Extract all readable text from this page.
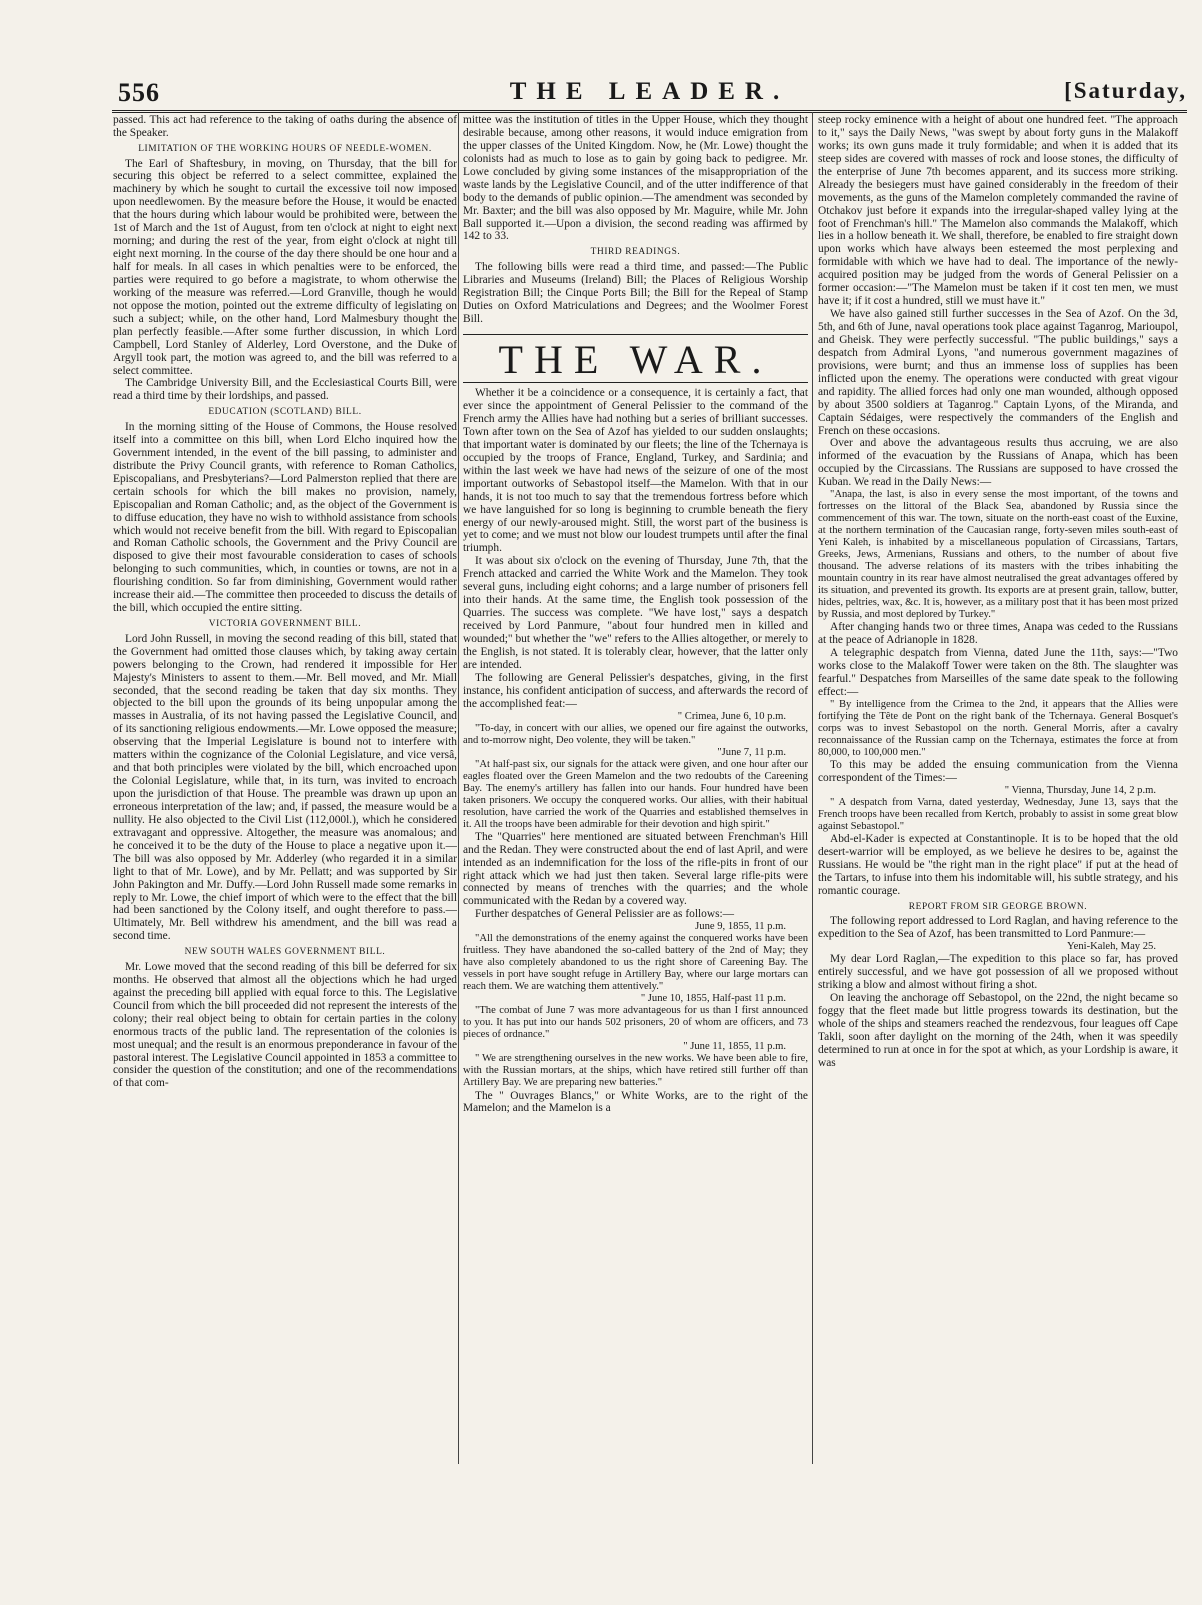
556	THE LEADER.	[Saturday,

passed. This act had reference to the taking of oaths during the absence of the Speaker.

LIMITATION OF THE WORKING HOURS OF NEEDLE-WOMEN.

The Earl of Shaftesbury, in moving, on Thursday, that the bill for securing this object be referred to a select committee, explained the machinery by which he sought to curtail the excessive toil now imposed upon needlewomen. By the measure before the House, it would be enacted that the hours during which labour would be prohibited were, between the 1st of March and the 1st of August, from ten o'clock at night to eight next morning; and during the rest of the year, from eight o'clock at night till eight next morning. In the course of the day there should be one hour and a half for meals. In all cases in which penalties were to be enforced, the parties were required to go before a magistrate, to whom otherwise the working of the measure was referred.—Lord Granville, though he would not oppose the motion, pointed out the extreme difficulty of legislating on such a subject; while, on the other hand, Lord Malmesbury thought the plan perfectly feasible.—After some further discussion, in which Lord Campbell, Lord Stanley of Alderley, Lord Overstone, and the Duke of Argyll took part, the motion was agreed to, and the bill was referred to a select committee.

The Cambridge University Bill, and the Ecclesiastical Courts Bill, were read a third time by their lordships, and passed.

EDUCATION (SCOTLAND) BILL.

In the morning sitting of the House of Commons, the House resolved itself into a committee on this bill, when Lord Elcho inquired how the Government intended, in the event of the bill passing, to administer and distribute the Privy Council grants, with reference to Roman Catholics, Episcopalians, and Presbyterians?—Lord Palmerston replied that there are certain schools for which the bill makes no provision, namely, Episcopalian and Roman Catholic; and, as the object of the Government is to diffuse education, they have no wish to withhold assistance from schools which would not receive benefit from the bill. With regard to Episcopalian and Roman Catholic schools, the Government and the Privy Council are disposed to give their most favourable consideration to cases of schools belonging to such communities, which, in counties or towns, are not in a flourishing condition. So far from diminishing, Government would rather increase their aid.—The committee then proceeded to discuss the details of the bill, which occupied the entire sitting.

VICTORIA GOVERNMENT BILL.

Lord John Russell, in moving the second reading of this bill, stated that the Government had omitted those clauses which, by taking away certain powers belonging to the Crown, had rendered it impossible for Her Majesty's Ministers to assent to them.—Mr. Bell moved, and Mr. Miall seconded, that the second reading be taken that day six months. They objected to the bill upon the grounds of its being unpopular among the masses in Australia, of its not having passed the Legislative Council, and of its sanctioning religious endowments.—Mr. Lowe opposed the measure; observing that the Imperial Legislature is bound not to interfere with matters within the cognizance of the Colonial Legislature, and vice versâ, and that both principles were violated by the bill, which encroached upon the Colonial Legislature, while that, in its turn, was invited to encroach upon the jurisdiction of that House. The preamble was drawn up upon an erroneous interpretation of the law; and, if passed, the measure would be a nullity. He also objected to the Civil List (112,000l.), which he considered extravagant and oppressive. Altogether, the measure was anomalous; and he conceived it to be the duty of the House to place a negative upon it.—The bill was also opposed by Mr. Adderley (who regarded it in a similar light to that of Mr. Lowe), and by Mr. Pellatt; and was supported by Sir John Pakington and Mr. Duffy.—Lord John Russell made some remarks in reply to Mr. Lowe, the chief import of which were to the effect that the bill had been sanctioned by the Colony itself, and ought therefore to pass.—Ultimately, Mr. Bell withdrew his amendment, and the bill was read a second time.

NEW SOUTH WALES GOVERNMENT BILL.

Mr. Lowe moved that the second reading of this bill be deferred for six months. He observed that almost all the objections which he had urged against the preceding bill applied with equal force to this. The Legislative Council from which the bill proceeded did not represent the interests of the colony; their real object being to obtain for certain parties in the colony enormous tracts of the public land. The representation of the colonies is most unequal; and the result is an enormous preponderance in favour of the pastoral interest. The Legislative Council appointed in 1853 a committee to consider the question of the constitution; and one of the recommendations of that com-

mittee was the institution of titles in the Upper House, which they thought desirable because, among other reasons, it would induce emigration from the upper classes of the United Kingdom. Now, he (Mr. Lowe) thought the colonists had as much to lose as to gain by going back to pedigree. Mr. Lowe concluded by giving some instances of the misappropriation of the waste lands by the Legislative Council, and of the utter indifference of that body to the demands of public opinion.—The amendment was seconded by Mr. Baxter; and the bill was also opposed by Mr. Maguire, while Mr. John Ball supported it.—Upon a division, the second reading was affirmed by 142 to 33.

THIRD READINGS.

The following bills were read a third time, and passed:—The Public Libraries and Museums (Ireland) Bill; the Places of Religious Worship Registration Bill; the Cinque Ports Bill; the Bill for the Repeal of Stamp Duties on Oxford Matriculations and Degrees; and the Woolmer Forest Bill.

THE WAR.

Whether it be a coincidence or a consequence, it is certainly a fact, that ever since the appointment of General Pelissier to the command of the French army the Allies have had nothing but a series of brilliant successes. Town after town on the Sea of Azof has yielded to our sudden onslaughts; that important water is dominated by our fleets; the line of the Tchernaya is occupied by the troops of France, England, Turkey, and Sardinia; and within the last week we have had news of the seizure of one of the most important outworks of Sebastopol itself—the Mamelon. With that in our hands, it is not too much to say that the tremendous fortress before which we have languished for so long is beginning to crumble beneath the fiery energy of our newly-aroused might. Still, the worst part of the business is yet to come; and we must not blow our loudest trumpets until after the final triumph.

It was about six o'clock on the evening of Thursday, June 7th, that the French attacked and carried the White Work and the Mamelon. They took several guns, including eight cohorns; and a large number of prisoners fell into their hands. At the same time, the English took possession of the Quarries. The success was complete. "We have lost," says a despatch received by Lord Panmure, "about four hundred men in killed and wounded;" but whether the "we" refers to the Allies altogether, or merely to the English, is not stated. It is tolerably clear, however, that the latter only are intended.

The following are General Pelissier's despatches, giving, in the first instance, his confident anticipation of success, and afterwards the record of the accomplished feat:—

" Crimea, June 6, 10 p.m.

"To-day, in concert with our allies, we opened our fire against the outworks, and to-morrow night, Deo volente, they will be taken."

"June 7, 11 p.m.

"At half-past six, our signals for the attack were given, and one hour after our eagles floated over the Green Mamelon and the two redoubts of the Careening Bay. The enemy's artillery has fallen into our hands. Four hundred have been taken prisoners. We occupy the conquered works. Our allies, with their habitual resolution, have carried the work of the Quarries and established themselves in it. All the troops have been admirable for their devotion and high spirit."

The "Quarries" here mentioned are situated between Frenchman's Hill and the Redan. They were constructed about the end of last April, and were intended as an indemnification for the loss of the rifle-pits in front of our right attack which we had just then taken. Several large rifle-pits were connected by means of trenches with the quarries; and the whole communicated with the Redan by a covered way.

Further despatches of General Pelissier are as follows:—

June 9, 1855, 11 p.m.

"All the demonstrations of the enemy against the conquered works have been fruitless. They have abandoned the so-called battery of the 2nd of May; they have also completely abandoned to us the right shore of Careening Bay. The vessels in port have sought refuge in Artillery Bay, where our large mortars can reach them. We are watching them attentively."

" June 10, 1855, Half-past 11 p.m.

"The combat of June 7 was more advantageous for us than I first announced to you. It has put into our hands 502 prisoners, 20 of whom are officers, and 73 pieces of ordnance."

" June 11, 1855, 11 p.m.

" We are strengthening ourselves in the new works. We have been able to fire, with the Russian mortars, at the ships, which have retired still further off than Artillery Bay. We are preparing new batteries."

The " Ouvrages Blancs," or White Works, are to the right of the Mamelon; and the Mamelon is a

steep rocky eminence with a height of about one hundred feet. "The approach to it," says the Daily News, "was swept by about forty guns in the Malakoff works; its own guns made it truly formidable; and when it is added that its steep sides are covered with masses of rock and loose stones, the difficulty of the enterprise of June 7th becomes apparent, and its success more striking. Already the besiegers must have gained considerably in the freedom of their movements, as the guns of the Mamelon completely commanded the ravine of Otchakov just before it expands into the irregular-shaped valley lying at the foot of Frenchman's hill." The Mamelon also commands the Malakoff, which lies in a hollow beneath it. We shall, therefore, be enabled to fire straight down upon works which have always been esteemed the most perplexing and formidable with which we have had to deal. The importance of the newly-acquired position may be judged from the words of General Pelissier on a former occasion:—"The Mamelon must be taken if it cost ten men, we must have it; if it cost a hundred, still we must have it."

We have also gained still further successes in the Sea of Azof. On the 3d, 5th, and 6th of June, naval operations took place against Taganrog, Marioupol, and Gheisk. They were perfectly successful. "The public buildings," says a despatch from Admiral Lyons, "and numerous government magazines of provisions, were burnt; and thus an immense loss of supplies has been inflicted upon the enemy. The operations were conducted with great vigour and rapidity. The allied forces had only one man wounded, although opposed by about 3500 soldiers at Taganrog." Captain Lyons, of the Miranda, and Captain Sédaiges, were respectively the commanders of the English and French on these occasions.

Over and above the advantageous results thus accruing, we are also informed of the evacuation by the Russians of Anapa, which has been occupied by the Circassians. The Russians are supposed to have crossed the Kuban. We read in the Daily News:—

"Anapa, the last, is also in every sense the most important, of the towns and fortresses on the littoral of the Black Sea, abandoned by Russia since the commencement of this war. The town, situate on the north-east coast of the Euxine, at the northern termination of the Caucasian range, forty-seven miles south-east of Yeni Kaleh, is inhabited by a miscellaneous population of Circassians, Tartars, Greeks, Jews, Armenians, Russians and others, to the number of about five thousand. The adverse relations of its masters with the tribes inhabiting the mountain country in its rear have almost neutralised the great advantages offered by its situation, and prevented its growth. Its exports are at present grain, tallow, butter, hides, peltries, wax, &c. It is, however, as a military post that it has been most prized by Russia, and most deplored by Turkey."

After changing hands two or three times, Anapa was ceded to the Russians at the peace of Adrianople in 1828.

A telegraphic despatch from Vienna, dated June the 11th, says:—"Two works close to the Malakoff Tower were taken on the 8th. The slaughter was fearful." Despatches from Marseilles of the same date speak to the following effect:—

" By intelligence from the Crimea to the 2nd, it appears that the Allies were fortifying the Tête de Pont on the right bank of the Tchernaya. General Bosquet's corps was to invest Sebastopol on the north. General Morris, after a cavalry reconnaissance of the Russian camp on the Tchernaya, estimates the force at from 80,000, to 100,000 men."

To this may be added the ensuing communication from the Vienna correspondent of the Times:—

" Vienna, Thursday, June 14, 2 p.m.

" A despatch from Varna, dated yesterday, Wednesday, June 13, says that the French troops have been recalled from Kertch, probably to assist in some great blow against Sebastopol."

Abd-el-Kader is expected at Constantinople. It is to be hoped that the old desert-warrior will be employed, as we believe he desires to be, against the Russians. He would be "the right man in the right place" if put at the head of the Tartars, to infuse into them his indomitable will, his subtle strategy, and his romantic courage.

REPORT FROM SIR GEORGE BROWN.

The following report addressed to Lord Raglan, and having reference to the expedition to the Sea of Azof, has been transmitted to Lord Panmure:—

Yeni-Kaleh, May 25.

My dear Lord Raglan,—The expedition to this place so far, has proved entirely successful, and we have got possession of all we proposed without striking a blow and almost without firing a shot.

On leaving the anchorage off Sebastopol, on the 22nd, the night became so foggy that the fleet made but little progress towards its destination, but the whole of the ships and steamers reached the rendezvous, four leagues off Cape Takli, soon after daylight on the morning of the 24th, when it was speedily determined to run at once in for the spot at which, as your Lordship is aware, it was
